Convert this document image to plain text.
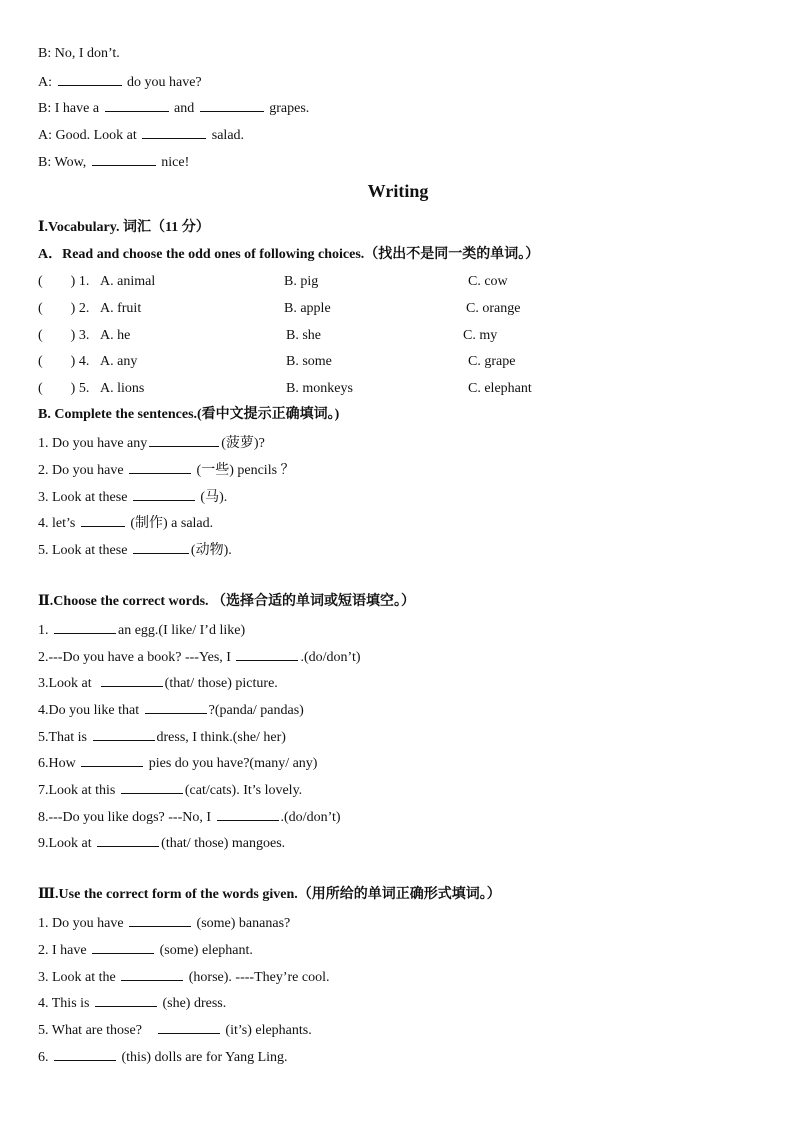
B: No, I don’t.
A:	do you have?
B: I have a	and	grapes.
A: Good. Look at	salad.
B: Wow,	nice!
Writing
Ⅰ.Vocabulary. 词汇（11 分）
A．Read and choose the odd ones of following choices.（找出不是同一类的单词。）
(　　) 1. A. animal	B. pig	C. cow
(　　) 2. A. fruit	B. apple	C. orange
(　　) 3. A. he	B. she	C. my
(　　) 4. A. any	B. some	C. grape
(　　) 5. A. lions	B. monkeys	C. elephant
B. Complete the sentences.(看中文提示正确填词。)
1. Do you have any	(菠萝)?
2. Do you have	(一些) pencils ？
3. Look at these	(马).
4. let’s	(制作) a salad.
5. Look at these	(动物).
Ⅱ.Choose the correct words. （选择合适的单词或短语填空。）
1.	an egg.(I like/ I’d like)
2.---Do you have a book? ---Yes, I	.(do/don’t)
3.Look at	(that/ those) picture.
4.Do you like that	?(panda/ pandas)
5.That is	dress, I think.(she/ her)
6.How	pies do you have?(many/ any)
7.Look at this	(cat/cats). It’s lovely.
8.---Do you like dogs? ---No, I	.(do/don’t)
9.Look at	(that/ those) mangoes.
Ⅲ.Use the correct form of the words given.（用所给的单词正确形式填词。）
1. Do you have	(some) bananas?
2. I have	(some) elephant.
3. Look at the	(horse). ----They’re cool.
4. This is	(she) dress.
5. What are those?	(it’s) elephants.
6.	(this) dolls are for Yang Ling.
